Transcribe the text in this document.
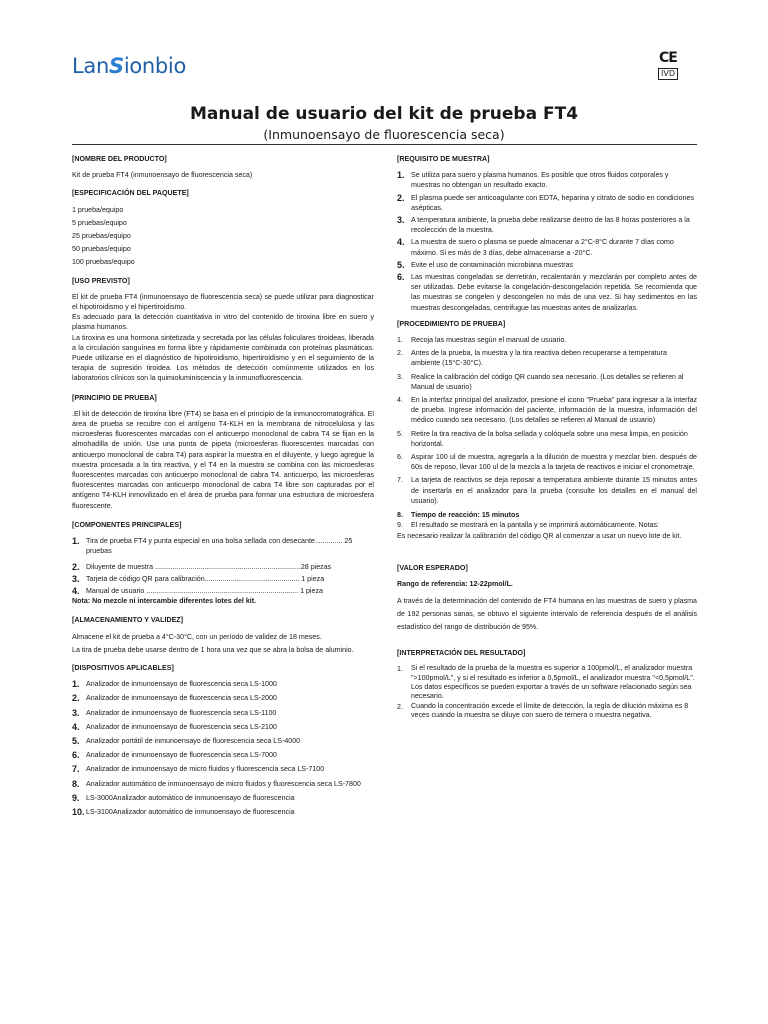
LanSionbio	CE
IVD
Manual de usuario del kit de prueba FT4
(Inmunoensayo de fluorescencia seca)
[NOMBRE DEL PRODUCTO]
Kit de prueba FT4 (inmunoensayo de fluorescencia seca)
[ESPECIFICACIÓN DEL PAQUETE]
1 prueba/equipo
5 pruebas/equipo
25 pruebas/equipo
50 pruebas/equipo
100 pruebas/equipo
[USO PREVISTO]
El kit de prueba FT4 (inmunoensayo de fluorescencia seca) se puede utilizar para diagnosticar el hipotiroidismo y el hipertiroidismo.
Es adecuado para la detección cuantitativa in vitro del contenido de tiroxina libre en suero y plasma humanos.
La tiroxina es una hormona sintetizada y secretada por las células foliculares tiroideas, liberada a la circulación sanguínea en forma libre y rápidamente combinada con proteínas plasmáticas. Puede utilizarse en el diagnóstico de hipotiroidismo, hipertiroidismo y en el seguimiento de la terapia de supresión tiroidea. Los métodos de detección comúnmente utilizados en los laboratorios clínicos son la quimioluminiscencia y la inmunofluorescencia.
[PRINCIPIO DE PRUEBA]
.El kit de detección de tiroxina libre (FT4) se basa en el principio de la inmunocromatográfica. El área de prueba se recubre con el antígeno T4-KLH en la membrana de nitrocelulosa y las microesferas fluorescentes marcadas con el anticuerpo monoclonal de cabra T4 se fijan en la almohadilla de unión. Use una punta de pipeta (microesferas fluorescentes marcadas con anticuerpo monoclonal de cabra T4) para aspirar la muestra en el diluyente, y luego agregue la muestra procesada a la tira reactiva, y el T4 en la muestra se combina con las microesferas fluorescentes marcadas con anticuerpo monoclonal de cabra T4. anticuerpo, las microesferas fluorescentes marcadas con anticuerpo monoclonal de cabra T4 libre son capturadas por el antígeno T4-KLH inmovilizado en el área de prueba para formar una estructura de microesfera fluorescente.
[COMPONENTES PRINCIPALES]
1. Tira de prueba FT4 y punta especial en una bolsa sellada con desecante.............. 25 pruebas
2. Diluyente de muestra ..........................................................................28 piezas
3. Tarjeta de código QR para calibración................................................ 1 pieza
4. Manual de usuario ............................................................................. 1 pieza
Nota: No mezcle ni intercambie diferentes lotes del kit.
[ALMACENAMIENTO Y VALIDEZ]
Almacene el kit de prueba a 4°C-30°C, con un período de validez de 18 meses.
La tira de prueba debe usarse dentro de 1 hora una vez que se abra la bolsa de aluminio.
[DISPOSITIVOS APLICABLES]
1. Analizador de inmunoensayo de fluorescencia seca LS-1000
2. Analizador de inmunoensayo de fluorescencia seca LS-2000
3. Analizador de inmunoensayo de fluorescencia seca LS-1100
4. Analizador de inmunoensayo de fluorescencia seca LS-2100
5. Analizador portátil de inmunoensayo de fluorescencia seca LS-4000
6. Analizador de inmunoensayo de fluorescencia seca LS-7000
7. Analizador de inmunoensayo de micro fluidos y fluorescencia seca LS-7100
8. Analizador automático de inmunoensayo de micro fluidos y fluorescencia seca LS-7800
9. LS-3000Analizador automático de inmunoensayo de fluorescencia
10. LS-3100Analizador automático de inmunoensayo de fluorescencia
[REQUISITO DE MUESTRA]
1. Se utiliza para suero y plasma humanos. Es posible que otros fluidos corporales y muestras no obtengan un resultado exacto.
2. El plasma puede ser anticoagulante con EDTA, heparina y citrato de sodio en condiciones asépticas.
3. A temperatura ambiente, la prueba debe realizarse dentro de las 8 horas posteriores a la recolección de la muestra.
4. La muestra de suero o plasma se puede almacenar a 2°C-8°C durante 7 días como máximo. Si es más de 3 días, debe almacenarse a -20°C.
5. Evite el uso de contaminación microbiana muestras
6. Las muestras congeladas se derretirán, recalentarán y mezclarán por completo antes de ser utilizadas. Debe evitarse la congelación-descongelación repetida. Se recomienda que las muestras se congelen y descongelen no más de una vez. Si hay sedimentos en las muestras descongeladas, centrifugue las muestras antes de analizarlas.
[PROCEDIMIENTO DE PRUEBA]
1.	Recoja las muestras según el manual de usuario.
2.	Antes de la prueba, la muestra y la tira reactiva deben recuperarse a temperatura ambiente (15°C-30°C).
3.	Realice la calibración del código QR cuando sea necesario. (Los detalles se refieren al Manual de usuario)
4.	En la interfaz principal del analizador, presione el icono "Prueba" para ingresar a la interfaz de prueba. Ingrese información del paciente, información de la muestra, información del médico cuando sea necesario. (Los detalles se refieren al Manual de usuario)
5.	Retire la tira reactiva de la bolsa sellada y colóquela sobre una mesa limpia, en posición horizontal.
6.	Aspirar 100 ul de muestra, agregarla a la dilución de muestra y mezclar bien. después de 60s de reposo, llevar 100 ul de la mezcla a la tarjeta de reactivos e iniciar el cronometraje.
7.	La tarjeta de reactivos se deja reposar a temperatura ambiente durante 15 minutos antes de insertarla en el analizador para la prueba (consulte los detalles en el manual del usuario).
8.	Tiempo de reacción: 15 minutos
9.	El resultado se mostrará en la pantalla y se imprimirá automáticamente. Notas:
Es necesario realizar la calibración del código QR al comenzar a usar un nuevo lote de kit.
[VALOR ESPERADO]
Rango de referencia: 12-22pmol/L.
A través de la determinación del contenido de FT4 humana en las muestras de suero y plasma de 192 personas sanas, se obtuvo el siguiente intervalo de referencia después de el análisis estadístico del rango de distribución de 95%.
[INTERPRETACIÓN DEL RESULTADO]
1.	Si el resultado de la prueba de la muestra es superior a 100pmol/L, el analizador muestra ">100pmol/L", y si el resultado es inferior a 0,5pmol/L, el analizador muestra "<0,5pmol/L". Los datos específicos se pueden exportar a través de un software relacionado según sea necesario.
2.	Cuando la concentración excede el límite de detección, la regla de dilución máxima es 8 veces cuando la muestra se diluye con suero de ternera o muestra negativa.
